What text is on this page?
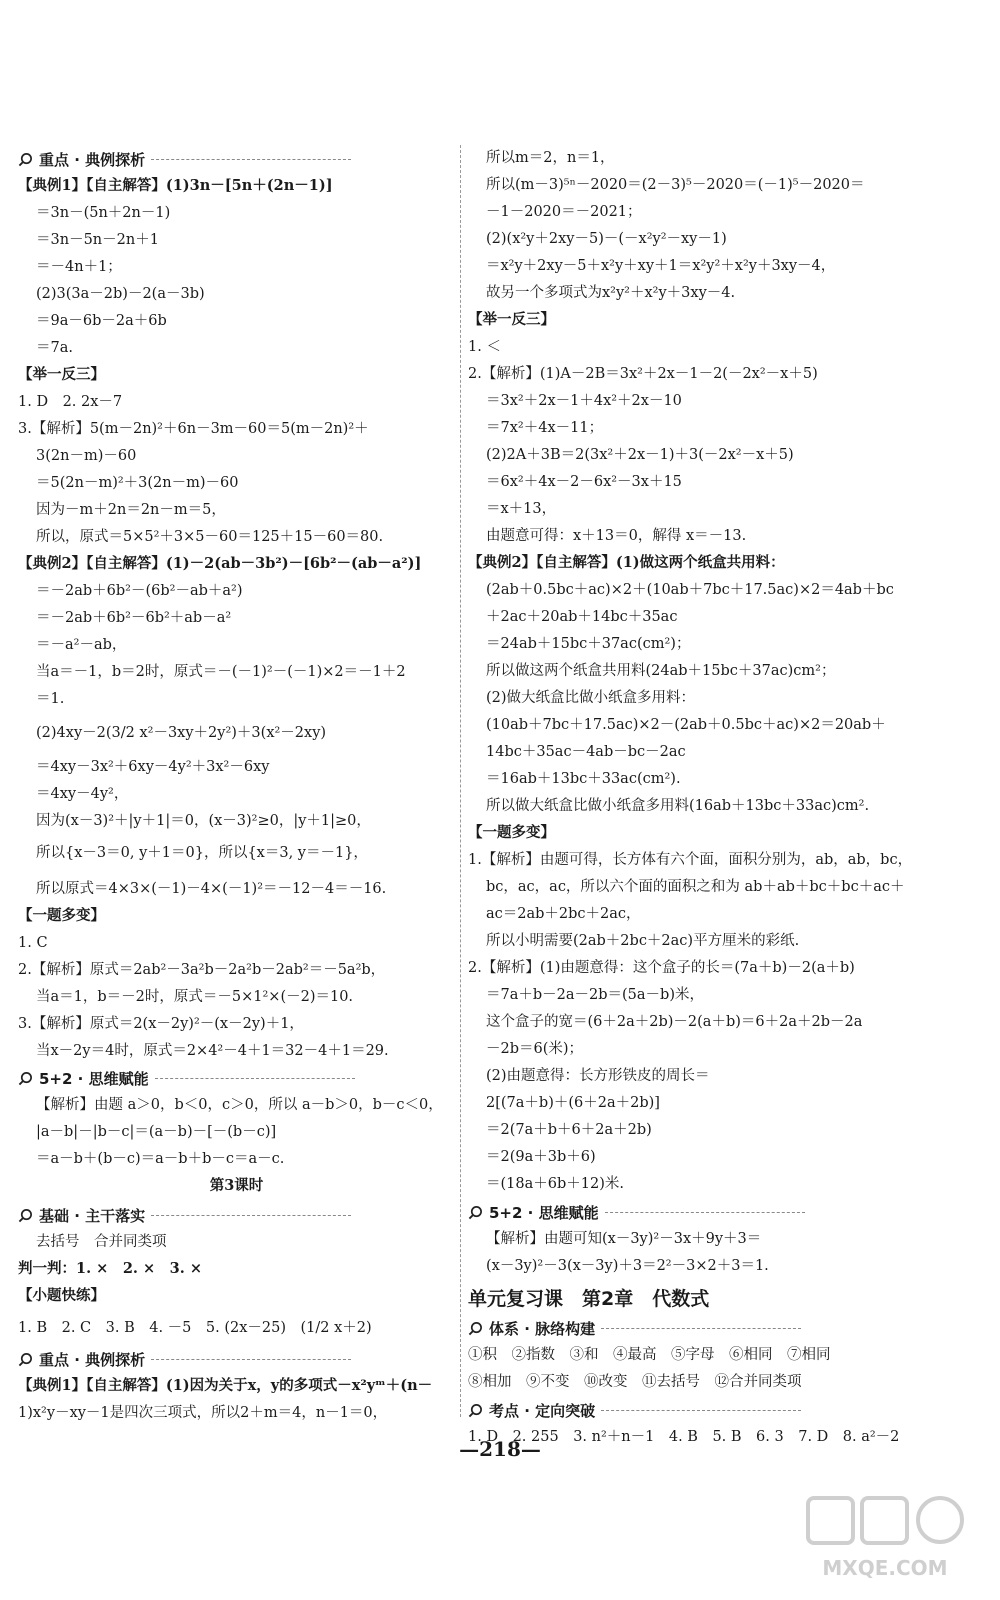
重点 · 典例探析
【典例1】【自主解答】(1)3n－[5n＋(2n－1)]
＝3n－(5n＋2n－1)
＝3n－5n－2n＋1
＝－4n＋1；
(2)3(3a－2b)－2(a－3b)
＝9a－6b－2a＋6b
＝7a.
【举一反三】
1. D　2. 2x－7
3.【解析】5(m－2n)²＋6n－3m－60＝5(m－2n)²＋
3(2n－m)－60
＝5(2n－m)²＋3(2n－m)－60
因为－m＋2n＝2n－m＝5，
所以，原式＝5×5²＋3×5－60＝125＋15－60＝80.
【典例2】【自主解答】(1)－2(ab－3b²)－[6b²－(ab－a²)]
＝－2ab＋6b²－(6b²－ab＋a²)
＝－2ab＋6b²－6b²＋ab－a²
＝－a²－ab，
当a＝－1，b＝2时，原式＝－(－1)²－(－1)×2＝－1＋2
＝1.
(2)4xy－2(3/2 x²－3xy＋2y²)＋3(x²－2xy)
＝4xy－3x²＋6xy－4y²＋3x²－6xy
＝4xy－4y²，
因为(x－3)²＋|y＋1|＝0，(x－3)²≥0，|y＋1|≥0，
所以{x－3＝0, y＋1＝0}，所以{x＝3, y＝－1}，
所以原式＝4×3×(－1)－4×(－1)²＝－12－4＝－16.
【一题多变】
1. C
2.【解析】原式＝2ab²－3a²b－2a²b－2ab²＝－5a²b，
当a＝1，b＝－2时，原式＝－5×1²×(－2)＝10.
3.【解析】原式＝2(x－2y)²－(x－2y)＋1，
当x－2y＝4时，原式＝2×4²－4＋1＝32－4＋1＝29.
5+2 · 思维赋能
【解析】由题 a＞0，b＜0，c＞0，所以 a－b＞0，b－c＜0，
|a－b|－|b－c|＝(a－b)－[－(b－c)]
＝a－b＋(b－c)＝a－b＋b－c＝a－c.
第3课时
基础 · 主干落实
去括号　合并同类项
判一判：1. ×　2. ×　3. ×
【小题快练】
1. B　2. C　3. B　4. －5　5. (2x－25)　(1/2 x＋2)
重点 · 典例探析
【典例1】【自主解答】(1)因为关于x，y的多项式－x²yᵐ＋(n－
1)x²y－xy－1是四次三项式，所以2＋m＝4，n－1＝0，
所以m＝2，n＝1，
所以(m－3)⁵ⁿ－2020＝(2－3)⁵－2020＝(－1)⁵－2020＝
－1－2020＝－2021；
(2)(x²y＋2xy－5)－(－x²y²－xy－1)
＝x²y＋2xy－5＋x²y＋xy＋1＝x²y²＋x²y＋3xy－4，
故另一个多项式为x²y²＋x²y＋3xy－4.
【举一反三】
1. ＜
2.【解析】(1)A－2B＝3x²＋2x－1－2(－2x²－x＋5)
＝3x²＋2x－1＋4x²＋2x－10
＝7x²＋4x－11；
(2)2A＋3B＝2(3x²＋2x－1)＋3(－2x²－x＋5)
＝6x²＋4x－2－6x²－3x＋15
＝x＋13，
由题意可得：x＋13＝0，解得 x＝－13.
【典例2】【自主解答】(1)做这两个纸盒共用料：
(2ab＋0.5bc＋ac)×2＋(10ab＋7bc＋17.5ac)×2＝4ab＋bc
＋2ac＋20ab＋14bc＋35ac
＝24ab＋15bc＋37ac(cm²)；
所以做这两个纸盒共用料(24ab＋15bc＋37ac)cm²；
(2)做大纸盒比做小纸盒多用料：
(10ab＋7bc＋17.5ac)×2－(2ab＋0.5bc＋ac)×2＝20ab＋
14bc＋35ac－4ab－bc－2ac
＝16ab＋13bc＋33ac(cm²).
所以做大纸盒比做小纸盒多用料(16ab＋13bc＋33ac)cm².
【一题多变】
1.【解析】由题可得，长方体有六个面，面积分别为，ab，ab，bc，
bc，ac，ac，所以六个面的面积之和为 ab＋ab＋bc＋bc＋ac＋
ac＝2ab＋2bc＋2ac，
所以小明需要(2ab＋2bc＋2ac)平方厘米的彩纸.
2.【解析】(1)由题意得：这个盒子的长＝(7a＋b)－2(a＋b)
＝7a＋b－2a－2b＝(5a－b)米，
这个盒子的宽＝(6＋2a＋2b)－2(a＋b)＝6＋2a＋2b－2a
－2b＝6(米)；
(2)由题意得：长方形铁皮的周长＝
2[(7a＋b)＋(6＋2a＋2b)]
＝2(7a＋b＋6＋2a＋2b)
＝2(9a＋3b＋6)
＝(18a＋6b＋12)米.
5+2 · 思维赋能
【解析】由题可知(x－3y)²－3x＋9y＋3＝
(x－3y)²－3(x－3y)＋3＝2²－3×2＋3＝1.
单元复习课　第2章　代数式
体系 · 脉络构建
①积　②指数　③和　④最高　⑤字母　⑥相同　⑦相同
⑧相加　⑨不变　⑩改变　⑪去括号　⑫合并同类项
考点 · 定向突破
1. D　2. 255　3. n²＋n－1　4. B　5. B　6. 3　7. D　8. a²－2
—218—
MXQE.COM
